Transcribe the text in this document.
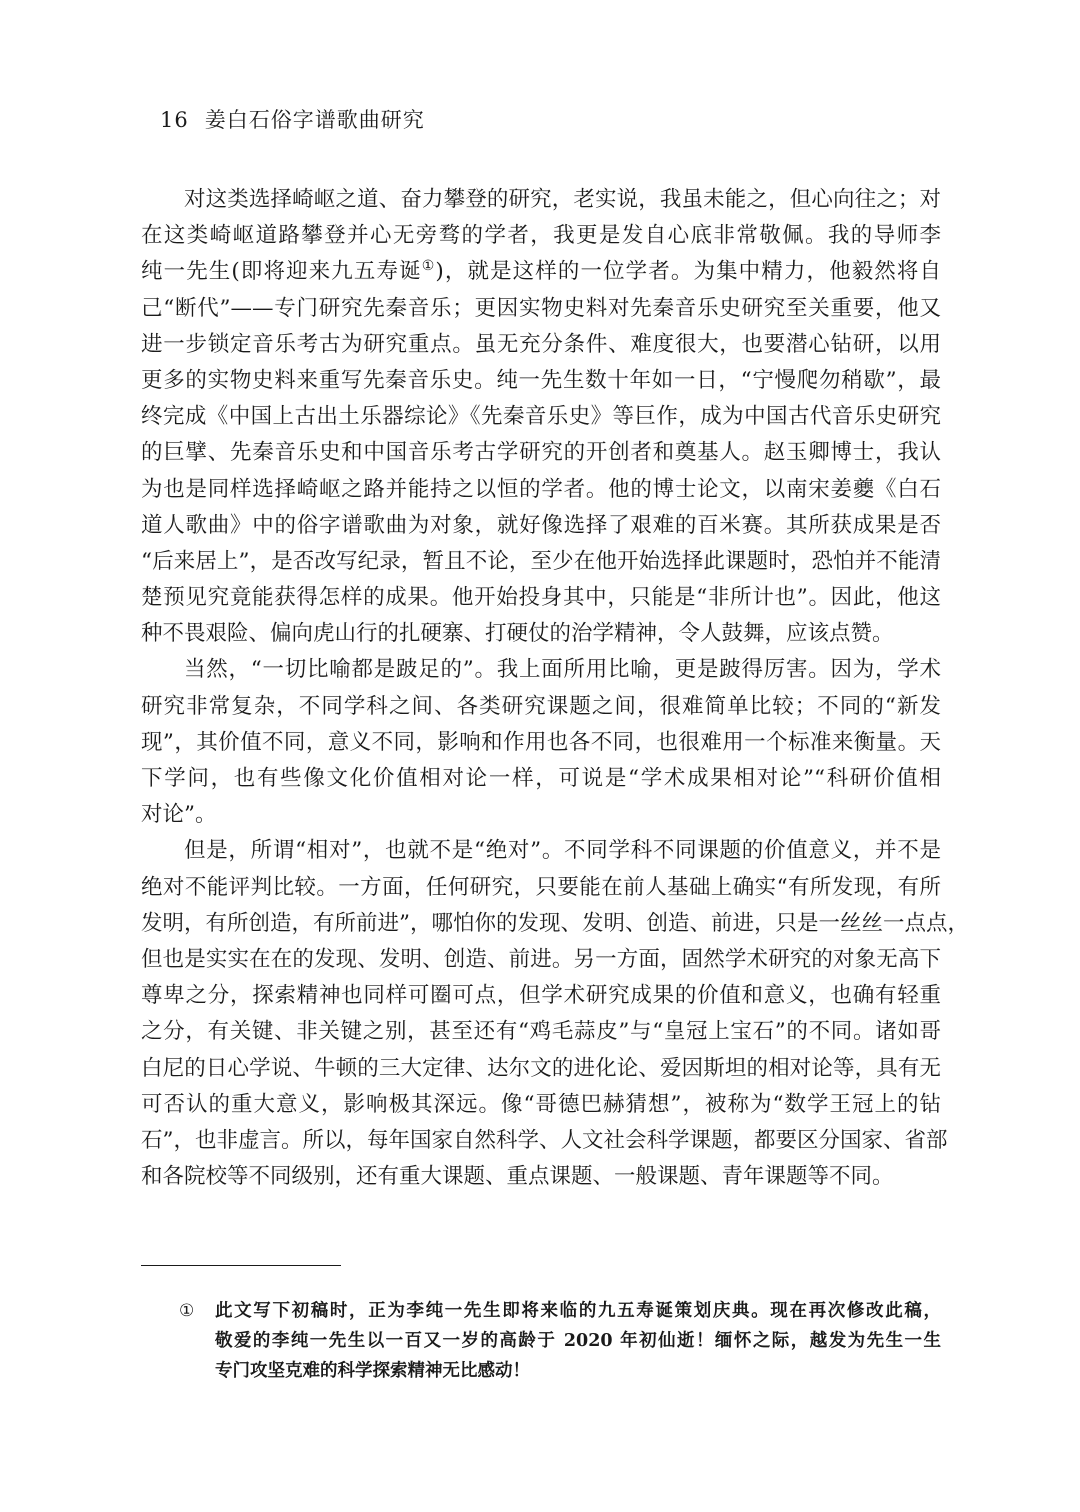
16 姜白石俗字谱歌曲研究
对这类选择崎岖之道、奋力攀登的研究，老实说，我虽未能之，但心向往之；对
在这类崎岖道路攀登并心无旁骛的学者，我更是发自心底非常敬佩。我的导师李
纯一先生(即将迎来九五寿诞①)，就是这样的一位学者。为集中精力，他毅然将自
己“断代”——专门研究先秦音乐；更因实物史料对先秦音乐史研究至关重要，他又
进一步锁定音乐考古为研究重点。虽无充分条件、难度很大，也要潜心钻研，以用
更多的实物史料来重写先秦音乐史。纯一先生数十年如一日，“宁慢爬勿稍歇”，最
终完成《中国上古出土乐器综论》《先秦音乐史》等巨作，成为中国古代音乐史研究
的巨擘、先秦音乐史和中国音乐考古学研究的开创者和奠基人。赵玉卿博士，我认
为也是同样选择崎岖之路并能持之以恒的学者。他的博士论文，以南宋姜夔《白石
道人歌曲》中的俗字谱歌曲为对象，就好像选择了艰难的百米赛。其所获成果是否
“后来居上”，是否改写纪录，暂且不论，至少在他开始选择此课题时，恐怕并不能清
楚预见究竟能获得怎样的成果。他开始投身其中，只能是“非所计也”。因此，他这
种不畏艰险、偏向虎山行的扎硬寨、打硬仗的治学精神，令人鼓舞，应该点赞。
当然，“一切比喻都是跛足的”。我上面所用比喻，更是跛得厉害。因为，学术
研究非常复杂，不同学科之间、各类研究课题之间，很难简单比较；不同的“新发
现”，其价值不同，意义不同，影响和作用也各不同，也很难用一个标准来衡量。天
下学问，也有些像文化价值相对论一样，可说是“学术成果相对论”“科研价值相
对论”。
但是，所谓“相对”，也就不是“绝对”。不同学科不同课题的价值意义，并不是
绝对不能评判比较。一方面，任何研究，只要能在前人基础上确实“有所发现，有所
发明，有所创造，有所前进”，哪怕你的发现、发明、创造、前进，只是一丝丝一点点，
但也是实实在在的发现、发明、创造、前进。另一方面，固然学术研究的对象无高下
尊卑之分，探索精神也同样可圈可点，但学术研究成果的价值和意义，也确有轻重
之分，有关键、非关键之别，甚至还有“鸡毛蒜皮”与“皇冠上宝石”的不同。诸如哥
白尼的日心学说、牛顿的三大定律、达尔文的进化论、爱因斯坦的相对论等，具有无
可否认的重大意义，影响极其深远。像“哥德巴赫猜想”，被称为“数学王冠上的钻
石”，也非虚言。所以，每年国家自然科学、人文社会科学课题，都要区分国家、省部
和各院校等不同级别，还有重大课题、重点课题、一般课题、青年课题等不同。
① 此文写下初稿时，正为李纯一先生即将来临的九五寿诞策划庆典。现在再次修改此稿，
敬爱的李纯一先生以一百又一岁的高龄于 2020 年初仙逝！缅怀之际，越发为先生一生
专门攻坚克难的科学探索精神无比感动！
